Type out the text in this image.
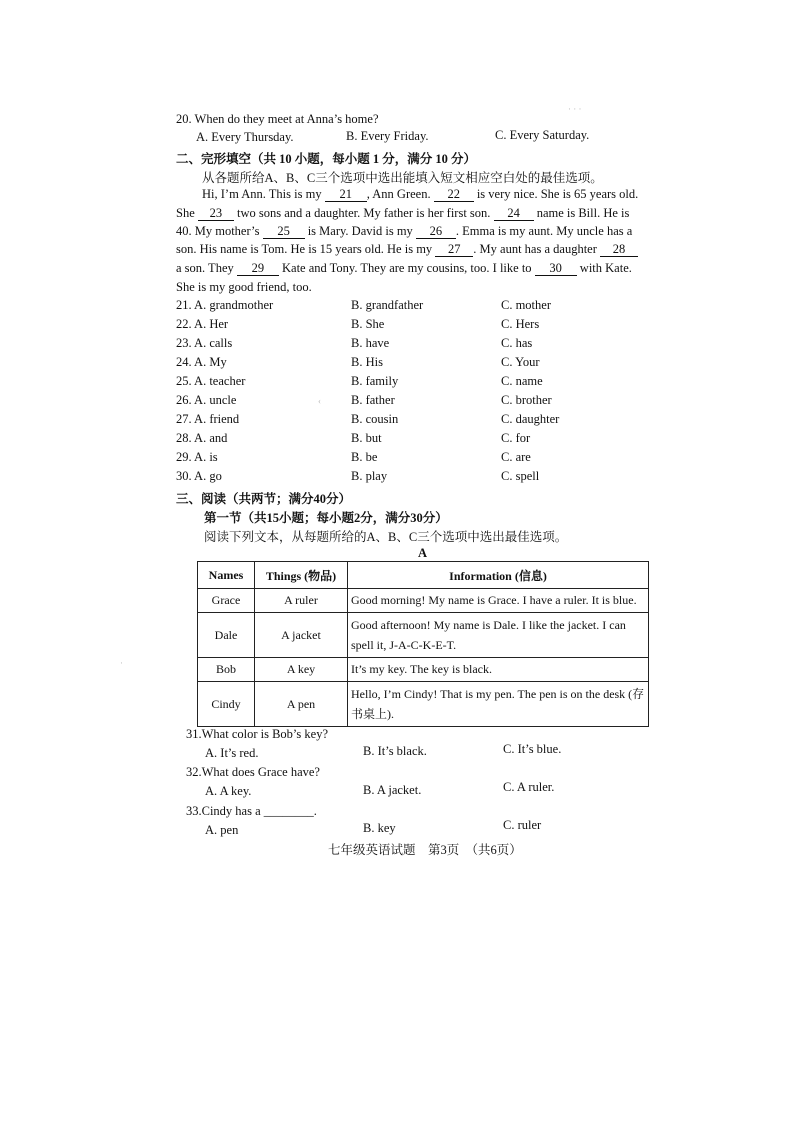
· · ·
·
‹
20. When do they meet at Anna’s home?
A. Every Thursday.	B. Every Friday.	C. Every Saturday.
二、完形填空（共 10 小题，每小题 1 分，满分 10 分）
从各题所给A、B、C三个选项中选出能填入短文相应空白处的最佳选项。
Hi, I’m Ann. This is my 21 , Ann Green. 22 is very nice. She is 65 years old.
She 23 two sons and a daughter. My father is her first son. 24 name is Bill. He is
40. My mother’s 25 is Mary. David is my 26 . Emma is my aunt. My uncle has a
son. His name is Tom. He is 15 years old. He is my 27 . My aunt has a daughter 28
a son. They 29 Kate and Tony. They are my cousins, too. I like to 30 with Kate.
She is my good friend, too.
21. A. grandmother	B. grandfather	C. mother
22. A. Her	B. She	C. Hers
23. A. calls	B. have	C. has
24. A. My	B. His	C. Your
25. A. teacher	B. family	C. name
26. A. uncle	B. father	C. brother
27. A. friend	B. cousin	C. daughter
28. A. and	B. but	C. for
29. A. is	B. be	C. are
30. A. go	B. play	C. spell
三、阅读（共两节；满分40分）
第一节（共15小题；每小题2分，满分30分）
阅读下列文本，从每题所给的A、B、C三个选项中选出最佳选项。
A
Names	Things (物品)	Information (信息)
Grace	A ruler	Good morning! My name is Grace. I have a ruler. It is blue.
Dale	A jacket	Good afternoon! My name is Dale. I like the jacket. I can spell it, J-A-C-K-E-T.
Bob	A key	It’s my key. The key is black.
Cindy	A pen	Hello, I’m Cindy! That is my pen. The pen is on the desk (存书桌上).
31.What color is Bob’s key?
A. It’s red.	B. It’s black.	C. It’s blue.
32.What does Grace have?
A. A key.	B. A jacket.	C. A ruler.
33.Cindy has a ________.
A. pen	B. key	C. ruler
七年级英语试题　第3页　（共6页）
